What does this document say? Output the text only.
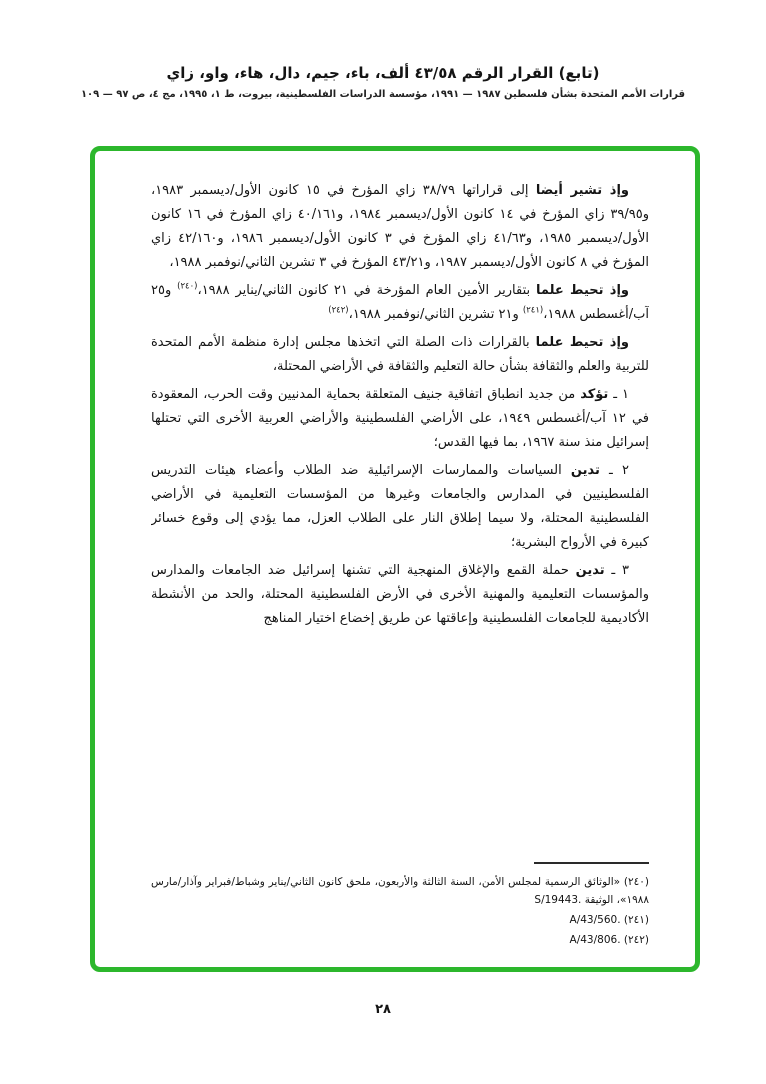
(تابع) القرار الرقم ٤٣/٥٨ ألف، باء، جيم، دال، هاء، واو، زاي
قرارات الأمم المتحدة بشأن فلسطين ١٩٨٧ — ١٩٩١، مؤسسة الدراسات الفلسطينية، بيروت، ط ١، ١٩٩٥، مج ٤، ص ٩٧ — ١٠٩

وإذ تشير أيضا إلى قراراتها ٣٨/٧٩ زاي المؤرخ في ١٥ كانون الأول/ديسمبر ١٩٨٣، و٣٩/٩٥ زاي المؤرخ في ١٤ كانون الأول/ديسمبر ١٩٨٤، و٤٠/١٦١ زاي المؤرخ في ١٦ كانون الأول/ديسمبر ١٩٨٥، و٤١/٦٣ زاي المؤرخ في ٣ كانون الأول/ديسمبر ١٩٨٦، و٤٢/١٦٠ زاي المؤرخ في ٨ كانون الأول/ديسمبر ١٩٨٧، و٤٣/٢١ المؤرخ في ٣ تشرين الثاني/نوفمبر ١٩٨٨،

وإذ تحيط علما بتقارير الأمين العام المؤرخة في ٢١ كانون الثاني/يناير ١٩٨٨،$^{(٢٤٠)}$ و٢٥ آب/أغسطس ١٩٨٨،$^{(٢٤١)}$ و٢١ تشرين الثاني/نوفمبر ١٩٨٨،$^{(٢٤٢)}$

وإذ تحيط علما بالقرارات ذات الصلة التي اتخذها مجلس إدارة منظمة الأمم المتحدة للتربية والعلم والثقافة بشأن حالة التعليم والثقافة في الأراضي المحتلة،

١ ـ تؤكد من جديد انطباق اتفاقية جنيف المتعلقة بحماية المدنيين وقت الحرب، المعقودة في ١٢ آب/أغسطس ١٩٤٩، على الأراضي الفلسطينية والأراضي العربية الأخرى التي تحتلها إسرائيل منذ سنة ١٩٦٧، بما فيها القدس؛

٢ ـ تدين السياسات والممارسات الإسرائيلية ضد الطلاب وأعضاء هيئات التدريس الفلسطينيين في المدارس والجامعات وغيرها من المؤسسات التعليمية في الأراضي الفلسطينية المحتلة، ولا سيما إطلاق النار على الطلاب العزل، مما يؤدي إلى وقوع خسائر كبيرة في الأرواح البشرية؛

٣ ـ تدين حملة القمع والإغلاق المنهجية التي تشنها إسرائيل ضد الجامعات والمدارس والمؤسسات التعليمية والمهنية الأخرى في الأرض الفلسطينية المحتلة، والحد من الأنشطة الأكاديمية للجامعات الفلسطينية وإعاقتها عن طريق إخضاع اختيار المناهج

(٢٤٠) «الوثائق الرسمية لمجلس الأمن، السنة الثالثة والأربعون، ملحق كانون الثاني/يناير وشباط/فبراير وآذار/مارس ١٩٨٨»، الوثيقة S/19443.

(٢٤١) A/43/560.

(٢٤٢) A/43/806.

٢٨
